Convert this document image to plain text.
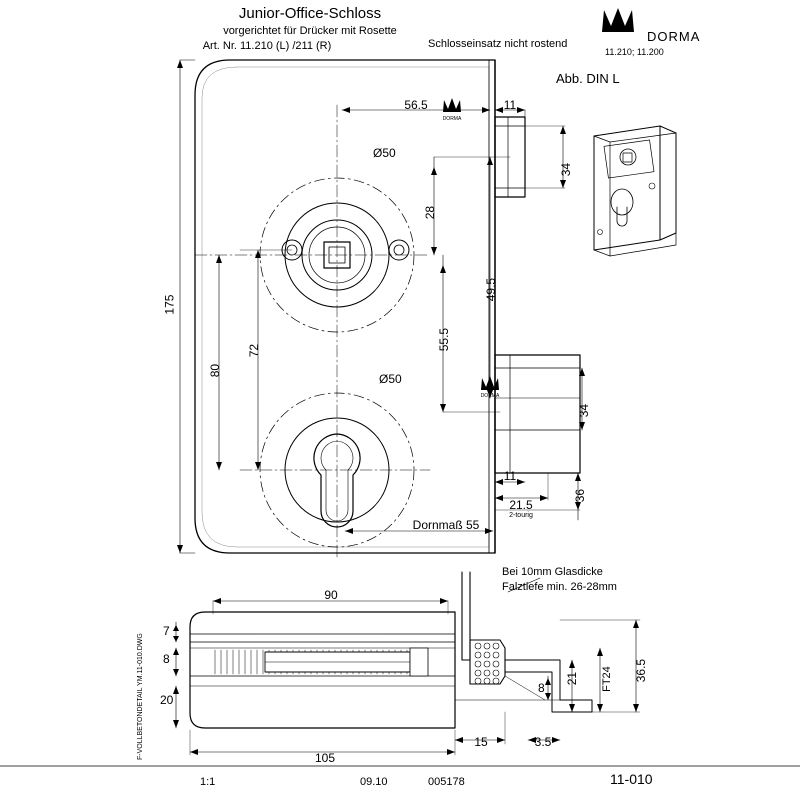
DORMA
DORMA
Junior-Office-Schloss
vorgerichtet für Drücker mit Rosette
Art. Nr. 11.210 (L) /211 (R)	Schlosseinsatz nicht rostend	DORMA
11.210; 11.200
Abb. DIN L
56.5	11
175
Ø50
Ø50
34
28
49.5
55.5
80
72
34
11
21.5
36
Dornmaß 55
2-tourig
Bei 10mm Glasdicke
Falztiefe min. 26-28mm
90
105
7
8
20
15	3.5
8
21 FT24 36.5
F-VOLLBETONDETAIL YM.11-010.DWG
1:1	09.10	005178	11-010
